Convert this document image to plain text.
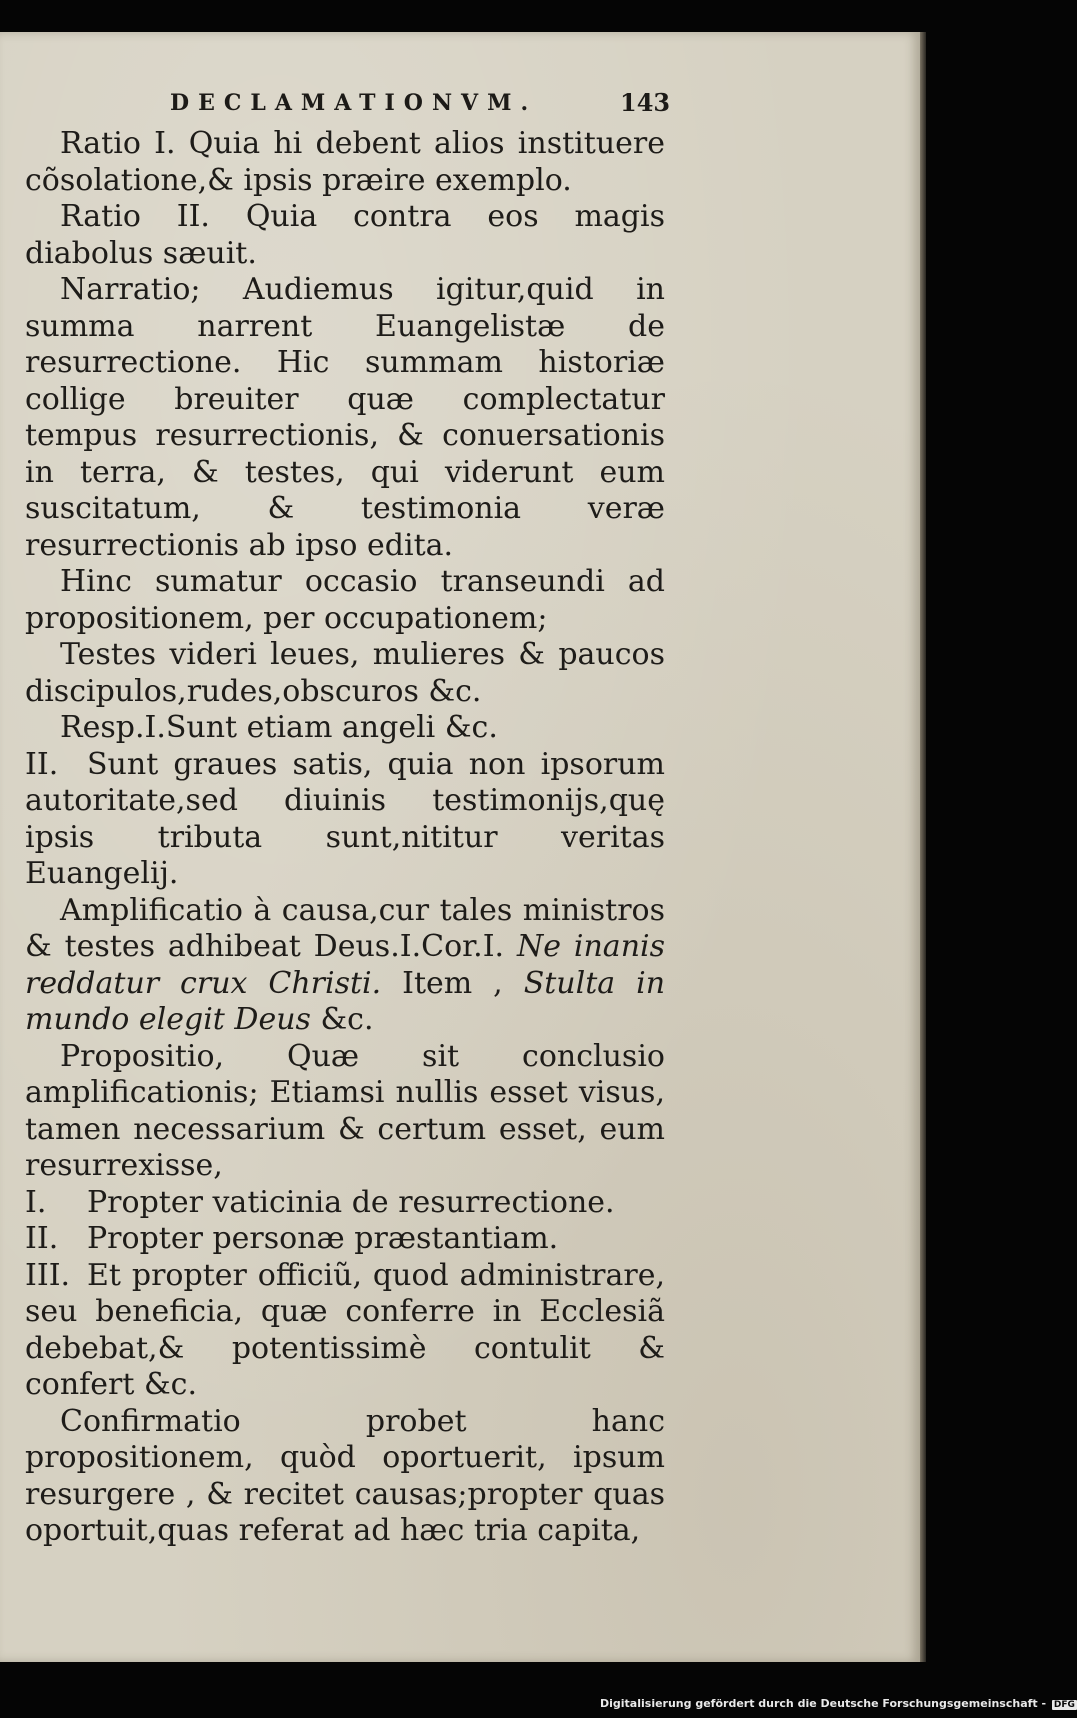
DECLAMATIONVM.	143

Ratio I. Quia hi debent alios instituere cõsolatione,& ipsis præire exemplo.

Ratio II. Quia contra eos magis diabolus sæuit.

Narratio; Audiemus igitur,quid in summa narrent Euangelistæ de resurrectione. Hic summam historiæ collige breuiter quæ complectatur tempus resurrectionis, & conuersationis in terra, & testes, qui viderunt eum suscitatum, & testimonia veræ resurrectionis ab ipso edita.

Hinc sumatur occasio transeundi ad propositionem, per occupationem;

Testes videri leues, mulieres & paucos discipulos,rudes,obscuros &c.

Resp.I.Sunt etiam angeli &c.

II. Sunt graues satis, quia non ipsorum autoritate,sed diuinis testimonijs,quę ipsis tributa sunt,nititur veritas Euangelij.

Amplificatio à causa,cur tales ministros & testes adhibeat Deus.I.Cor.I. Ne inanis reddatur crux Christi. Item , Stulta in mundo elegit Deus &c.

Propositio, Quæ sit conclusio amplificationis; Etiamsi nullis esset visus, tamen necessarium & certum esset, eum resurrexisse,

I. Propter vaticinia de resurrectione.

II. Propter personæ præstantiam.

III. Et propter officiũ, quod administrare, seu beneficia, quæ conferre in Ecclesiã debebat,& potentissimè contulit & confert &c.

Confirmatio probet hanc propositionem, quòd oportuerit, ipsum resurgere , & recitet causas;propter quas oportuit,quas referat ad hæc tria capita,

Digitalisierung gefördert durch die Deutsche Forschungsgemeinschaft - DFG
